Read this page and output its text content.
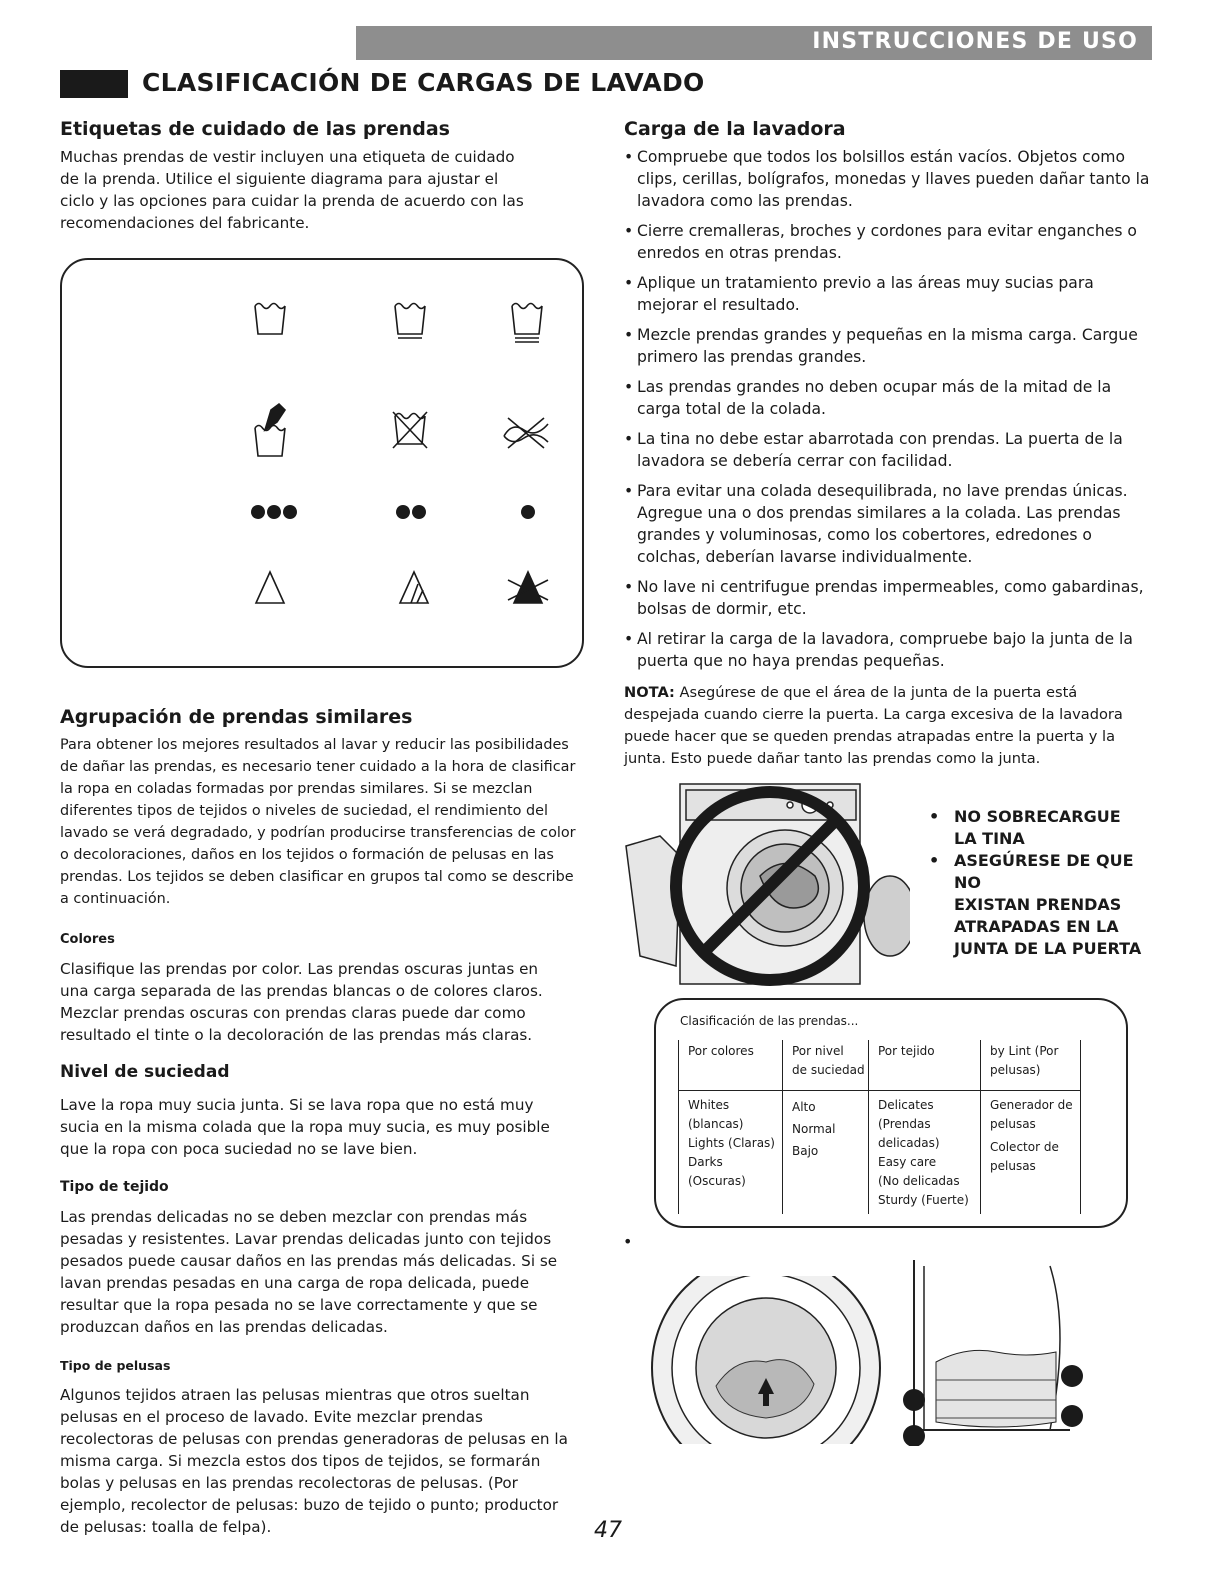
INSTRUCCIONES DE USO
CLASIFICACIÓN DE CARGAS DE LAVADO
Etiquetas de cuidado de las prendas

Muchas prendas de vestir incluyen una etiqueta de cuidado de la prenda. Utilice el siguiente diagrama para ajustar el ciclo y las opciones para cuidar la prenda de acuerdo con las recomendaciones del fabricante.

Agrupación de prendas similares

Para obtener los mejores resultados al lavar y reducir las posibilidades de dañar las prendas, es necesario tener cuidado a la hora de clasificar la ropa en coladas formadas por prendas similares. Si se mezclan diferentes tipos de tejidos o niveles de suciedad, el rendimiento del lavado se verá degradado, y podrían producirse transferencias de color o decoloraciones, daños en los tejidos o formación de pelusas en las prendas. Los tejidos se deben clasificar en grupos tal como se describe a continuación.

Colores

Clasifique las prendas por color. Las prendas oscuras juntas en una carga separada de las prendas blancas o de colores claros. Mezclar prendas oscuras con prendas claras puede dar como resultado el tinte o la decoloración de las prendas más claras.

Nivel de suciedad

Lave la ropa muy sucia junta. Si se lava ropa que no está muy sucia en la misma colada que la ropa muy sucia, es muy posible que la ropa con poca suciedad no se lave bien.

Tipo de tejido

Las prendas delicadas no se deben mezclar con prendas más pesadas y resistentes. Lavar prendas delicadas junto con tejidos pesados puede causar daños en las prendas más delicadas. Si se lavan prendas pesadas en una carga de ropa delicada, puede resultar que la ropa pesada no se lave correctamente y que se produzcan daños en las prendas delicadas.

Tipo de pelusas

Algunos tejidos atraen las pelusas mientras que otros sueltan pelusas en el proceso de lavado. Evite mezclar prendas recolectoras de pelusas con prendas generadoras de pelusas en la misma carga. Si mezcla estos dos tipos de tejidos, se formarán bolas y pelusas en las prendas recolectoras de pelusas. (Por ejemplo, recolector de pelusas: buzo de tejido o punto; productor de pelusas: toalla de felpa).

Carga de la lavadora
• Compruebe que todos los bolsillos están vacíos. Objetos como clips, cerillas, bolígrafos, monedas y llaves pueden dañar tanto la lavadora como las prendas.
• Cierre cremalleras, broches y cordones para evitar enganches o enredos en otras prendas.
• Aplique un tratamiento previo a las áreas muy sucias para mejorar el resultado.
• Mezcle prendas grandes y pequeñas en la misma carga. Cargue primero las prendas grandes.
• Las prendas grandes no deben ocupar más de la mitad de la carga total de la colada.
• La tina no debe estar abarrotada con prendas. La puerta de la lavadora se debería cerrar con facilidad.
• Para evitar una colada desequilibrada, no lave prendas únicas. Agregue una o dos prendas similares a la colada. Las prendas grandes y voluminosas, como los cobertores, edredones o colchas, deberían lavarse individualmente.
• No lave ni centrifugue prendas impermeables, como gabardinas, bolsas de dormir, etc.
• Al retirar la carga de la lavadora, compruebe bajo la junta de la puerta que no haya prendas pequeñas.

NOTA: Asegúrese de que el área de la junta de la puerta está despejada cuando cierre la puerta. La carga excesiva de la lavadora puede hacer que se queden prendas atrapadas entre la puerta y la junta. Esto puede dañar tanto las prendas como la junta.

• NO SOBRECARGUE
LA TINA
• ASEGÚRESE DE QUE NO
EXISTAN PRENDAS
ATRAPADAS EN LA
JUNTA DE LA PUERTA
Clasificación de las prendas...
Por colores	Por nivel
de suciedad
Por tejido	by Lint (Por
pelusas)
Whites
(blancas)
Lights (Claras)
Darks
(Oscuras)
Alto
Normal
Bajo
Delicates
(Prendas
delicadas)
Easy care
(No delicadas
Sturdy (Fuerte)
Generador de
pelusas
Colector de
pelusas
•
47
